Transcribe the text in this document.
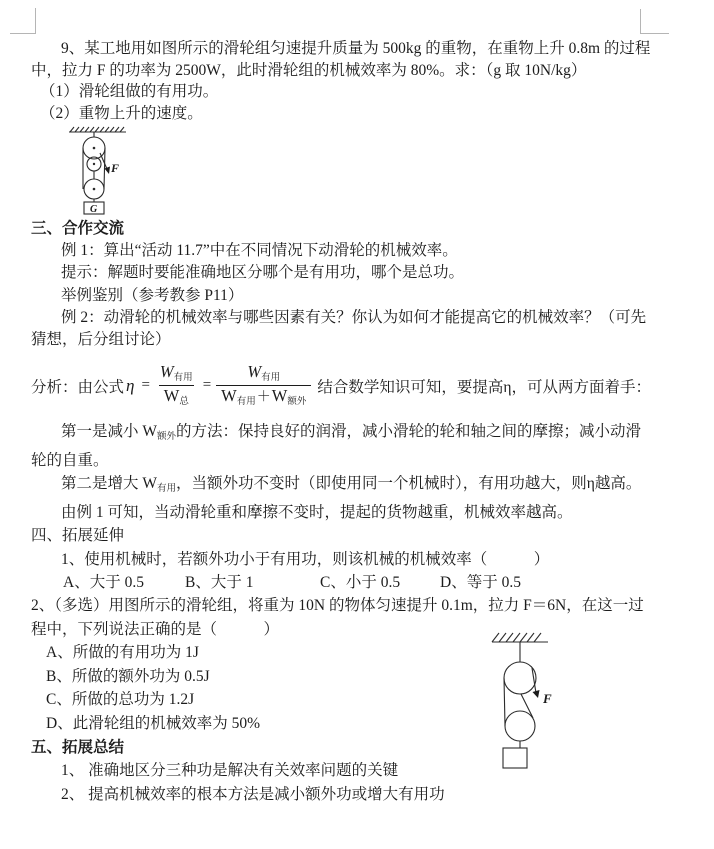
9、某工地用如图所示的滑轮组匀速提升质量为 500kg 的重物，在重物上升 0.8m 的过程
中，拉力 F 的功率为 2500W，此时滑轮组的机械效率为 80%。求：（g 取 10N/kg）
（1）滑轮组做的有用功。
（2）重物上升的速度。
F
G
三、合作交流
例 1：算出“活动 11.7”中在不同情况下动滑轮的机械效率。
提示：解题时要能准确地区分哪个是有用功，哪个是总功。
举例鉴别（参考教参 P11）
例 2：动滑轮的机械效率与哪些因素有关？你认为如何才能提高它的机械效率？（可先
猜想，后分组讨论）
分析：由公式 $\eta = \frac{\text{W有用}}{\text{W总}} = \frac{\text{W有用}}{\text{W有用＋W额外}}$ 结合数学知识可知，要提高η，可从两方面着手：
第一是减小 W额外的方法：保持良好的润滑，减小滑轮的轮和轴之间的摩擦；减小动滑
轮的自重。
第二是增大 W有用，当额外功不变时（即使用同一个机械时），有用功越大，则η越高。
由例 1 可知，当动滑轮重和摩擦不变时，提起的货物越重，机械效率越高。
四、拓展延伸
1、使用机械时，若额外功小于有用功，则该机械的机械效率（　　　）
A、大于 0.5	B、大于 1	C、小于 0.5	D、等于 0.5
2、（多选）用图所示的滑轮组，将重为 10N 的物体匀速提升 0.1m，拉力 F＝6N，在这一过
程中，下列说法正确的是（　　　）
A、所做的有用功为 1J
B、所做的额外功为 0.5J
C、所做的总功为 1.2J
D、此滑轮组的机械效率为 50%
五、拓展总结
1、 准确地区分三种功是解决有关效率问题的关键
2、 提高机械效率的根本方法是减小额外功或增大有用功
F
